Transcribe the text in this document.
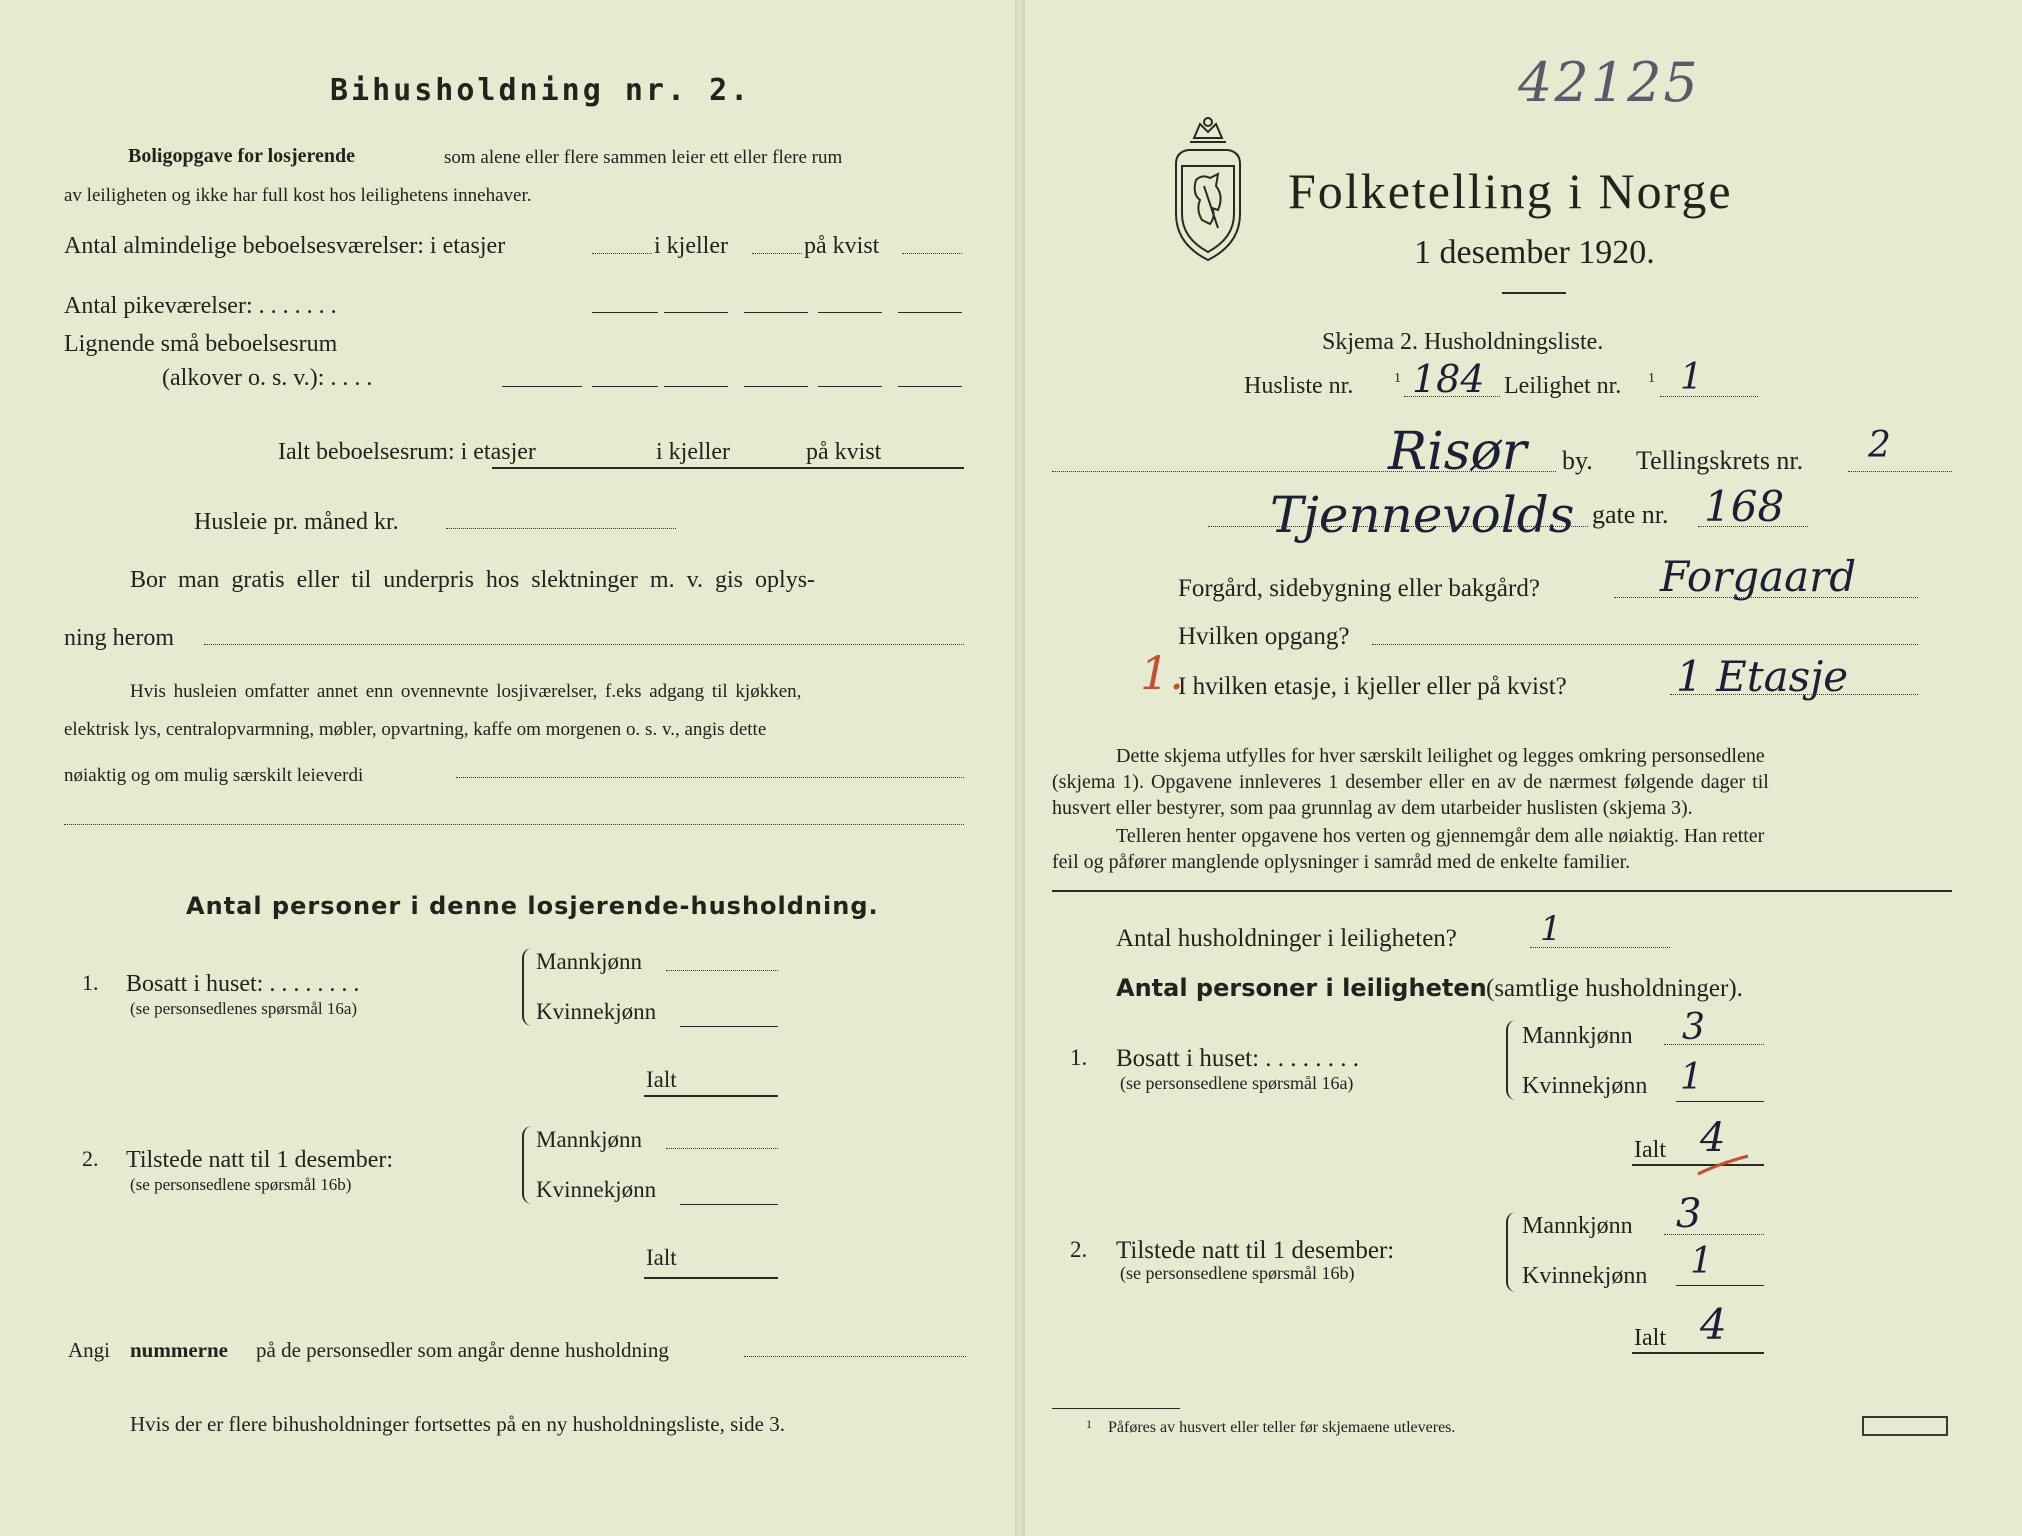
Bihusholdning nr. 2.
Boligopgave for losjerende	som alene eller flere sammen leier ett eller flere rum
av leiligheten og ikke har full kost hos leilighetens innehaver.
Antal almindelige beboelsesværelser: i etasjer	i kjeller	på kvist
Antal pikeværelser: . . . . . . .
Lignende små beboelsesrum
(alkover o. s. v.): . . . .
Ialt beboelsesrum: i etasjer	i kjeller	på kvist
Husleie pr. måned kr.
Bor man gratis eller til underpris hos slektninger m. v. gis oplys-
ning herom
Hvis husleien omfatter annet enn ovennevnte losjiværelser, f.eks adgang til kjøkken,
elektrisk lys, centralopvarmning, møbler, opvartning, kaffe om morgenen o. s. v., angis dette
nøiaktig og om mulig særskilt leieverdi
Antal personer i denne losjerende-husholdning.
1. Bosatt i huset: . . . . . . . .
(se personsedlenes spørsmål 16a)
Mannkjønn
Kvinnekjønn
Ialt
2. Tilstede natt til 1 desember:
(se personsedlene spørsmål 16b)
Mannkjønn
Kvinnekjønn
Ialt
Angi nummerne på de personsedler som angår denne husholdning
Hvis der er flere bihusholdninger fortsettes på en ny husholdningsliste, side 3.
42125
Folketelling i Norge
1 desember 1920.
Skjema 2. Husholdningsliste.
Husliste nr.	1 184 Leilighet nr. 1 1
Risør by. Tellingskrets nr. 2
Tjennevolds gate nr. 168
Forgård, sidebygning eller bakgård?	Forgaard
Hvilken opgang?
1.
I hvilken etasje, i kjeller eller på kvist?	1 Etasje
Dette skjema utfylles for hver særskilt leilighet og legges omkring personsedlene
(skjema 1). Opgavene innleveres 1 desember eller en av de nærmest følgende dager til
husvert eller bestyrer, som paa grunnlag av dem utarbeider huslisten (skjema 3).
Telleren henter opgavene hos verten og gjennemgår dem alle nøiaktig. Han retter
feil og påfører manglende oplysninger i samråd med de enkelte familier.
Antal husholdninger i leiligheten? 1
Antal personer i leiligheten (samtlige husholdninger).
1. Bosatt i huset: . . . . . . . .
(se personsedlene spørsmål 16a)
Mannkjønn 3
Kvinnekjønn 1
Ialt 4
2. Tilstede natt til 1 desember:
(se personsedlene spørsmål 16b)
Mannkjønn 3
Kvinnekjønn 1
Ialt 4
1 Påføres av husvert eller teller før skjemaene utleveres.
